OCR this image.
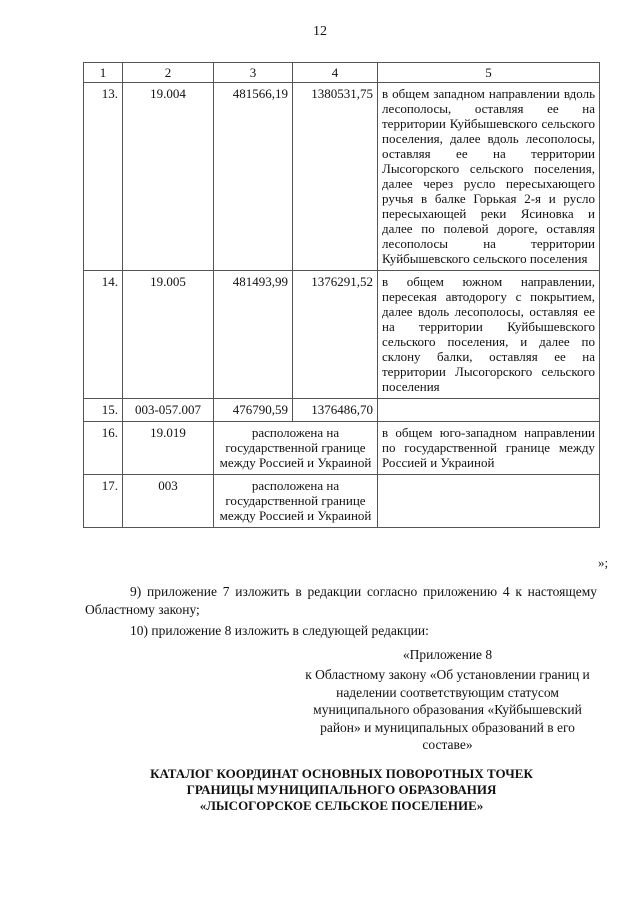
12
1	2	3	4	5
13.	19.004	481566,19	1380531,75	в общем западном направлении вдоль лесополосы, оставляя ее на территории Куйбышевского сельского поселения, далее вдоль лесополосы, оставляя ее на территории Лысогорского сельского поселения, далее через русло пересыхающего ручья в балке Горькая 2-я и русло пересыхающей реки Ясиновка и далее по полевой дороге, оставляя лесополосы на территории Куйбышевского сельского поселения
14.	19.005	481493,99	1376291,52	в общем южном направлении, пересекая автодорогу с покрытием, далее вдоль лесополосы, оставляя ее на территории Куйбышевского сельского поселения, и далее по склону балки, оставляя ее на территории Лысогорского сельского поселения
15.	003-057.007	476790,59	1376486,70	
16.	19.019	расположена на государственной границе между Россией и Украиной		в общем юго-западном направлении по государственной границе между Россией и Украиной
17.	003	расположена на государственной границе между Россией и Украиной		
»;
9) приложение 7 изложить в редакции согласно приложению 4 к настоящему Областному закону;
10) приложение 8 изложить в следующей редакции:
«Приложение 8
к Областному закону «Об установлении границ и наделении соответствующим статусом муниципального образования «Куйбышевский район» и муниципальных образований в его составе»
КАТАЛОГ КООРДИНАТ ОСНОВНЫХ ПОВОРОТНЫХ ТОЧЕК
ГРАНИЦЫ МУНИЦИПАЛЬНОГО ОБРАЗОВАНИЯ
«ЛЫСОГОРСКОЕ СЕЛЬСКОЕ ПОСЕЛЕНИЕ»
